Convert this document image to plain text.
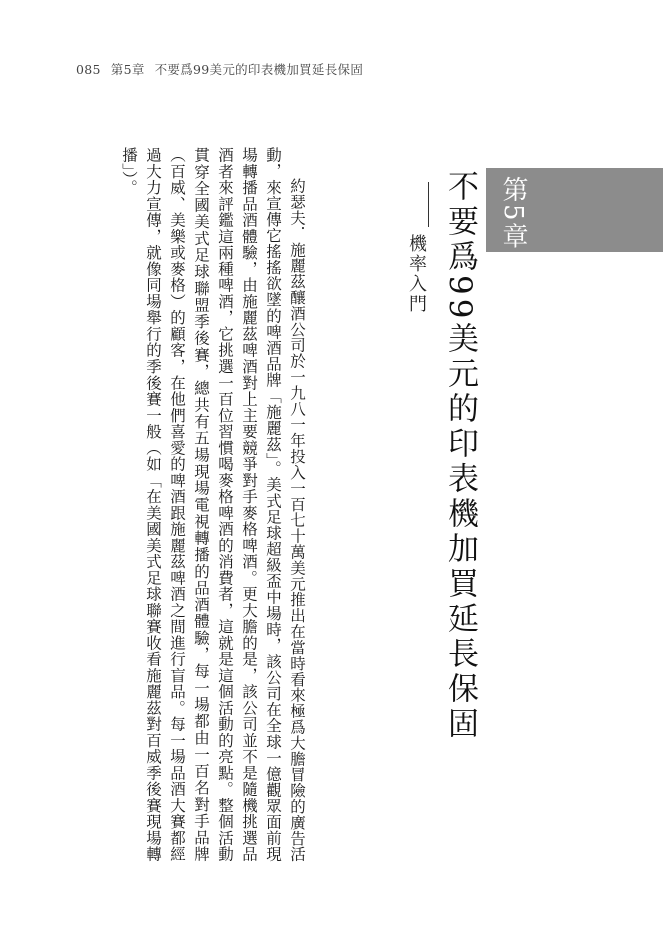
085 第5章 不要爲99美元的印表機加買延長保固
第5章
不要爲99美元的印表機加買延長保固
機率入門

約瑟夫．施麗茲釀酒公司於一九八一年投入一百七十萬美元推出在當時看來極爲大膽冒險的廣告活動，來宣傳它搖搖欲墜的啤酒品牌「施麗茲」。美式足球超級盃中場時，該公司在全球一億觀眾面前現場轉播品酒體驗，由施麗茲啤酒對上主要競爭對手麥格啤酒。更大膽的是，該公司並不是隨機挑選品酒者來評鑑這兩種啤酒，它挑選一百位習慣喝麥格啤酒的消費者，這就是這個活動的亮點。整個活動貫穿全國美式足球聯盟季後賽，總共有五場現場電視轉播的品酒體驗，每一場都由一百名對手品牌（百威、美樂或麥格）的顧客，在他們喜愛的啤酒跟施麗茲啤酒之間進行盲品。每一場品酒大賽都經過大力宣傳，就像同場舉行的季後賽一般（如「在美國美式足球聯賽收看施麗茲對百威季後賽現場轉播」）。
